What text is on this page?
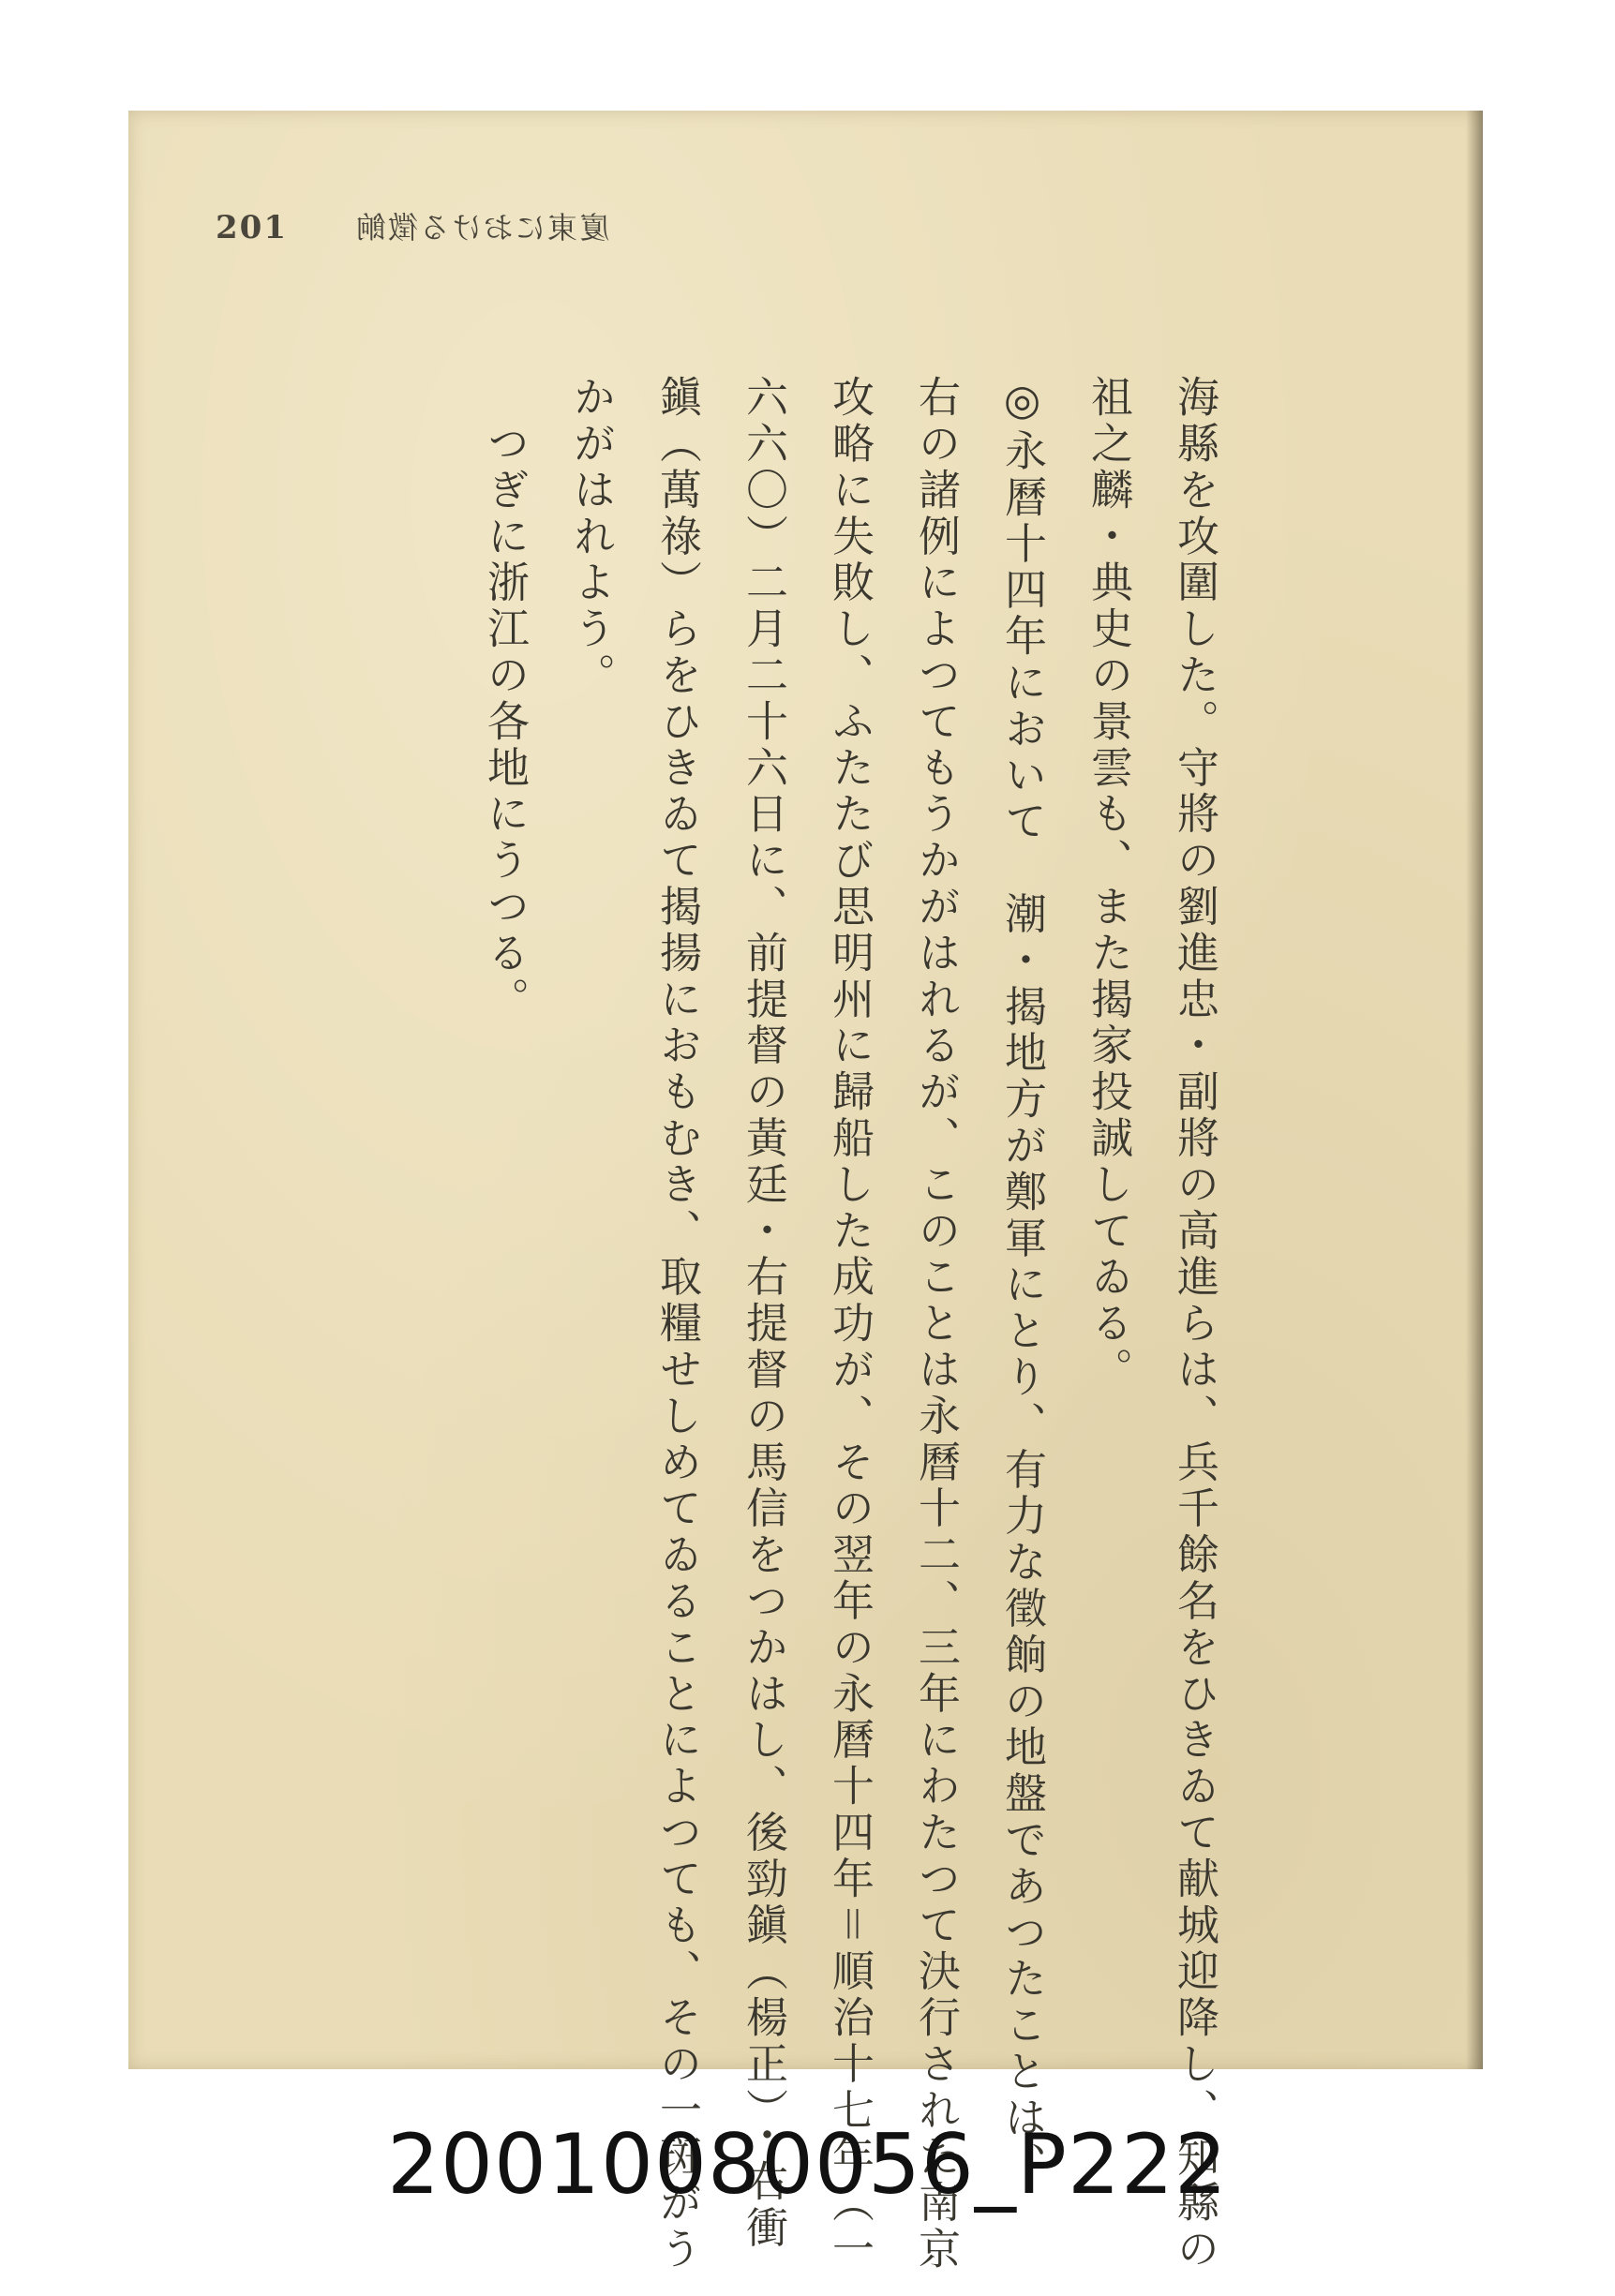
201 廈東における徵餉
海縣を攻圍した。守將の劉進忠・副將の高進らは、兵千餘名をひきゐて献城迎降し、知縣の
祖之麟・典史の景雲も、また揭家投誠してゐる。
◎永曆十四年において　潮・揭地方が鄭軍にとり、有力な徵餉の地盤であつたことは、
右の諸例によつてもうかがはれるが、このことは永曆十二、三年にわたつて決行された南京
攻略に失敗し、ふたたび思明州に歸船した成功が、その翌年の永曆十四年＝順治十七年（一
六六〇）二月二十六日に、前提督の黃廷・右提督の馬信をつかはし、後勁鎭（楊正）・右衝
鎭（萬祿）らをひきゐて揭揚におもむき、取糧せしめてゐることによつても、その一斑がう
かがはれよう。
　つぎに浙江の各地にうつる。
20010080056_P222
